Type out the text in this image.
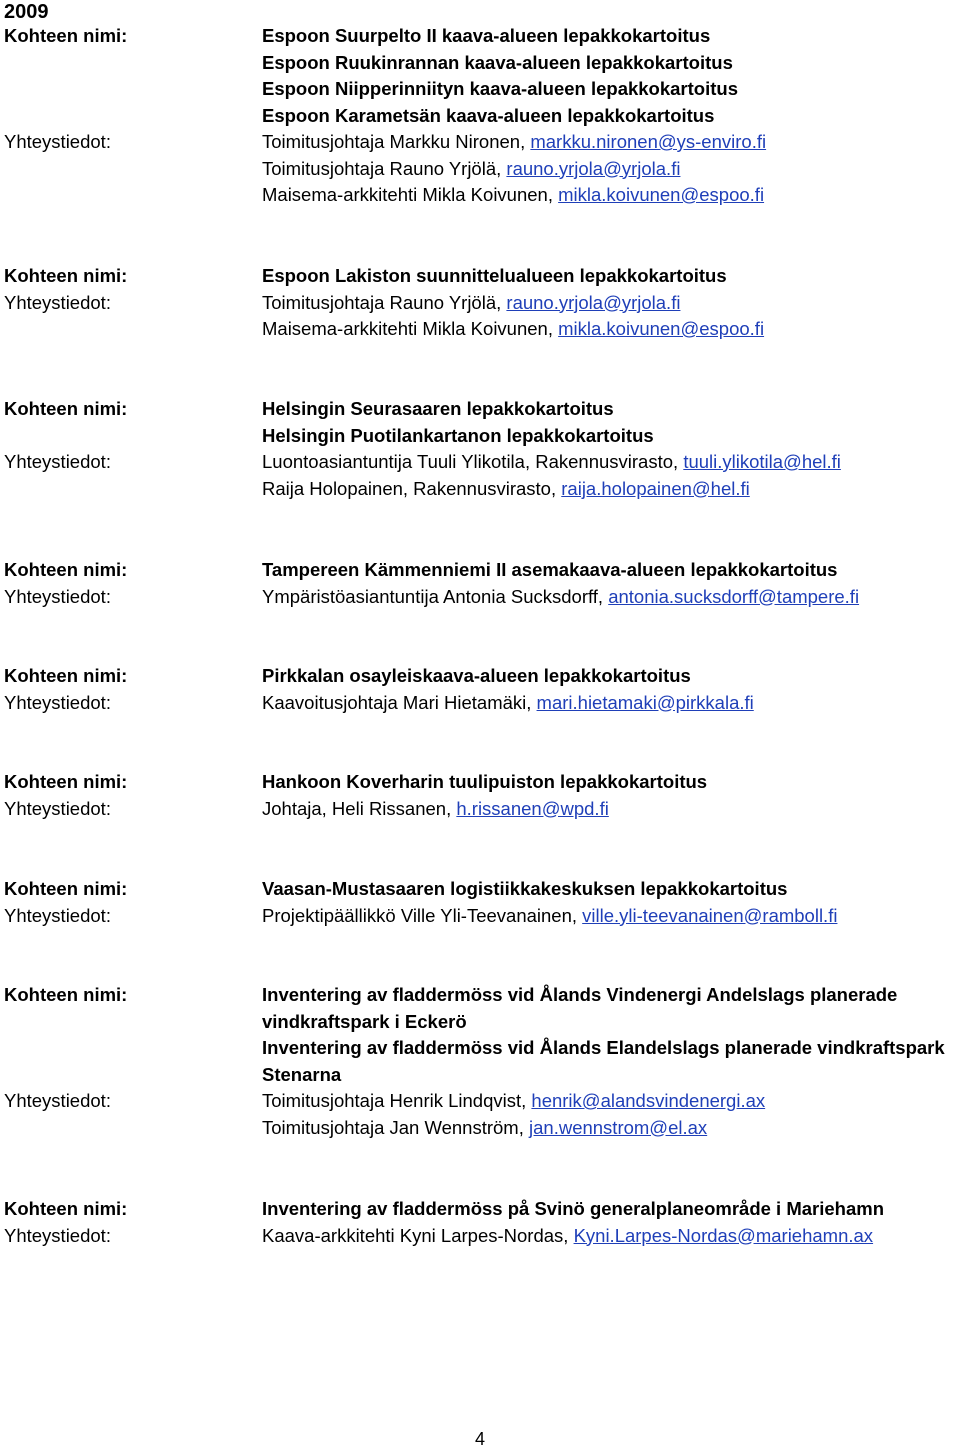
2009
Kohteen nimi:	Espoon Suurpelto II kaava-alueen lepakkokartoitus
Espoon Ruukinrannan kaava-alueen lepakkokartoitus
Espoon Niipperinniityn kaava-alueen lepakkokartoitus
Espoon Karametsän kaava-alueen lepakkokartoitus
Yhteystiedot:	Toimitusjohtaja Markku Nironen, markku.nironen@ys-enviro.fi
Toimitusjohtaja Rauno Yrjölä, rauno.yrjola@yrjola.fi
Maisema-arkkitehti Mikla Koivunen, mikla.koivunen@espoo.fi
Kohteen nimi:	Espoon Lakiston suunnittelualueen lepakkokartoitus
Yhteystiedot:	Toimitusjohtaja Rauno Yrjölä, rauno.yrjola@yrjola.fi
Maisema-arkkitehti Mikla Koivunen, mikla.koivunen@espoo.fi
Kohteen nimi:	Helsingin Seurasaaren lepakkokartoitus
Helsingin Puotilankartanon lepakkokartoitus
Yhteystiedot:	Luontoasiantuntija Tuuli Ylikotila, Rakennusvirasto, tuuli.ylikotila@hel.fi
Raija Holopainen, Rakennusvirasto, raija.holopainen@hel.fi
Kohteen nimi:	Tampereen Kämmenniemi II asemakaava-alueen lepakkokartoitus
Yhteystiedot:	Ympäristöasiantuntija Antonia Sucksdorff, antonia.sucksdorff@tampere.fi
Kohteen nimi:	Pirkkalan osayleiskaava-alueen lepakkokartoitus
Yhteystiedot:	Kaavoitusjohtaja Mari Hietamäki, mari.hietamaki@pirkkala.fi
Kohteen nimi:	Hankoon Koverharin tuulipuiston lepakkokartoitus
Yhteystiedot:	Johtaja, Heli Rissanen, h.rissanen@wpd.fi
Kohteen nimi:	Vaasan-Mustasaaren logistiikkakeskuksen lepakkokartoitus
Yhteystiedot:	Projektipäällikkö Ville Yli-Teevanainen, ville.yli-teevanainen@ramboll.fi
Kohteen nimi:	Inventering av fladdermöss vid Ålands Vindenergi Andelslags planerade
vindkraftspark i Eckerö
Inventering av fladdermöss vid Ålands Elandelslags planerade vindkraftspark
Stenarna
Yhteystiedot:	Toimitusjohtaja Henrik Lindqvist, henrik@alandsvindenergi.ax
Toimitusjohtaja Jan Wennström, jan.wennstrom@el.ax
Kohteen nimi:	Inventering av fladdermöss på Svinö generalplaneområde i Mariehamn
Yhteystiedot:	Kaava-arkkitehti Kyni Larpes-Nordas, Kyni.Larpes-Nordas@mariehamn.ax
4
